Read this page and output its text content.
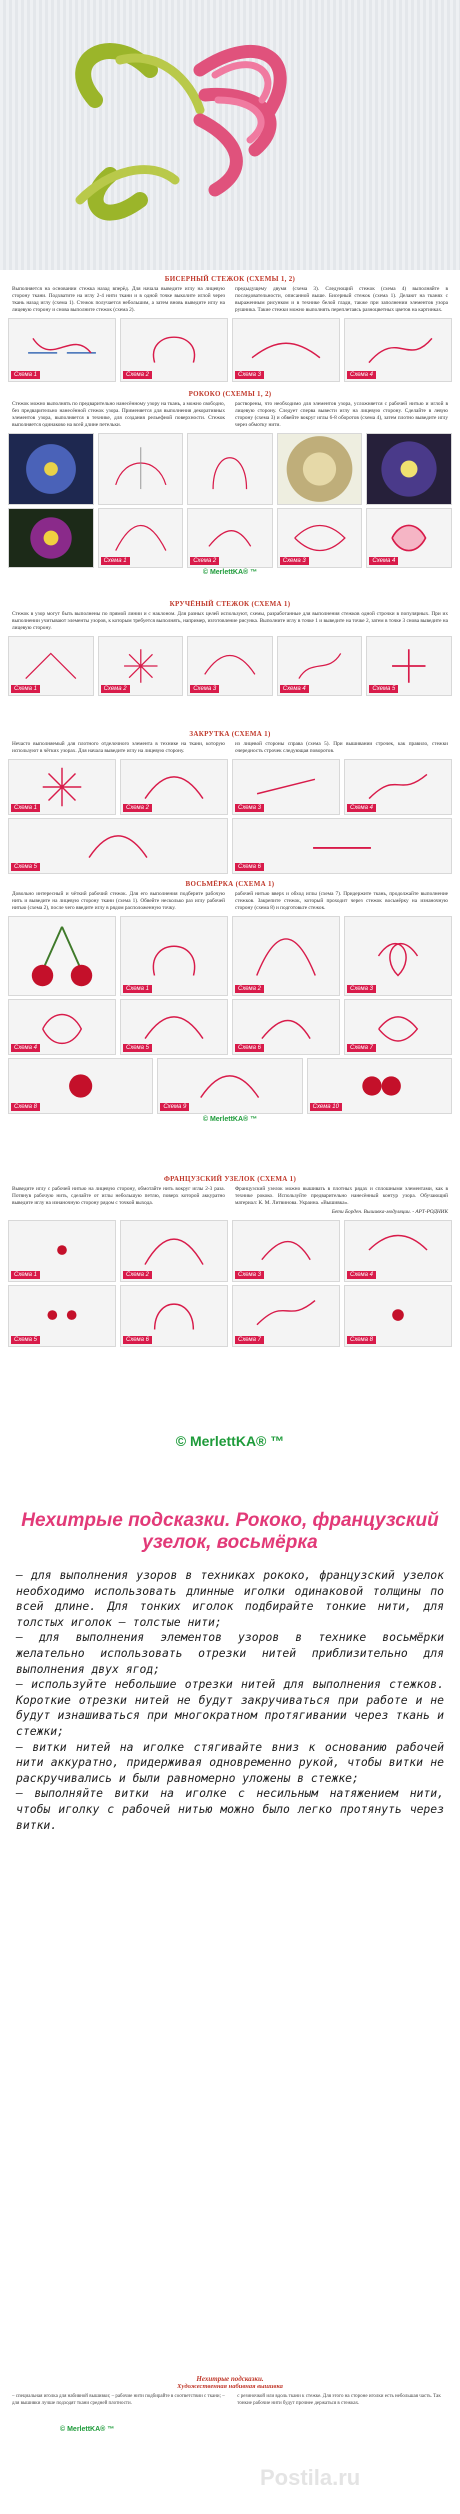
БИСЕРНЫЙ СТЕЖОК (СХЕМЫ 1, 2)
Выполняется на основании стежка назад вперёд. Для начала выведите иглу на лицевую сторону ткани. Подхватите на иглу 2-4 нити ткани и в одной точке выколите иглой через ткань назад иглу (схема 1). Стежок получается небольшим, а затем вновь выведите иглу на лицевую сторону и снова выполните стежок (схема 2).
предыдущему двумя (схема 3). Следующий стежок (схема 4) выполняйте в последовательности, описанной выше. Бисерный стежок (схема 1). Делают на тканях с выраженным рисунком и в технике белой глади, также при заполнении элементов узора рушника. Такие стежки можно выполнять переплетаясь разноцветных цветов на картинках.
Схема 1	Схема 2	Схема 3	Схема 4
РОКОКО (СХЕМЫ 1, 2)
Стежок можно выполнять по предварительно нанесённому узору на ткань, а можно свободно, без предварительно нанесённой стежок узора. Применяется для выполнения декоративных элементов узора, выполняется в технике, для создания рельефной поверхности. Стежок выполняется одинаково на всей длине петельки.
растворены, что необходимо для элементов узора, усложняется с рабочей нитью и иглой в лицевую сторону. Следует сперва вывести иглу на лицевую сторону. Сделайте в левую сторону (схема 3) и обвейте вокруг иглы 6-8 оборотов (схема 4), затем плотно выведите иглу через обмотку нити.
Схема 1	Схема 2	Схема 3	Схема 4
© MerlettKA® ™
КРУЧЁНЫЙ СТЕЖОК (СХЕМА 1)
Стежок в узор могут быть выполнены по прямой линии и с наклоном. Для разных целей используют, схемы, разработанные для выполнения стежков одной строчки в популярных. При их выполнении учитывают элементы узоров, к которым требуется выполнять, например, изготовление рисунка. Выполните иглу в точке 1 и выведите на точке 2, затем в точке 3 снова выведите на лицевую сторону.
Схема 1	Схема 2	Схема 3	Схема 4	Схема 5
ЗАКРУТКА (СХЕМА 1)
Нечасто выполняемый для плотного отделочного элемента в технике на ткани, которую используют в чётких узорах. Для начала выведите иглу на лицевую сторону.
из лицевой стороны справа (схема 5). При вышивании строчек, как правило, стежки очередность строчек следующая поворотов.
Схема 1	Схема 2	Схема 3	Схема 4
Схема 5	Схема 6
ВОСЬМЁРКА (СХЕМА 1)
Довольно интересный и чёткий рабочий стежок. Для его выполнения подберите рабочую нить и выведите на лицевую сторону ткани (схема 1). Обвейте несколько раз иглу рабочей нитью (схема 2), после чего введите иглу в рядом расположенную точку.
рабочей нитью вверх и обход иглы (схема 7). Придержите ткань, продолжайте выполнение стежков. Закрепите стежок, который проходит через стежок восьмёрку на изнаночную сторону (схема 8) и подготовьте стежок.
Схема 1	Схема 2	Схема 3
Схема 4	Схема 5	Схема 6	Схема 7
Схема 8	Схема 9	Схема 10
© MerlettKA® ™
ФРАНЦУЗСКИЙ УЗЕЛОК (СХЕМА 1)
Выведите иглу с рабочей нитью на лицевую сторону, обмотайте нить вокруг иглы 2-3 раза. Потянув рабочую нить, сделайте от иглы небольшую петлю, поверх которой аккуратно выведите иглу на изнаночную сторону рядом с точкой выхода.
Французский узелок можно вышивать в плотных рядах и сплошными элементами, как в технике рококо. Используйте предварительно нанесённый контур узора. Обучающий материал: К. М. Литвинова. Украина. «Вышивка».
Бети Борден. Вышивка-модуляции. - АРТ-РОДНИК
Схема 1	Схема 2	Схема 3	Схема 4
Схема 5	Схема 6	Схема 7	Схема 8
Нехитрые подсказки. Рококо, французский узелок, восьмёрка

– для выполнения узоров в техниках рококо, французский узелок необходимо использовать длинные иголки одинаковой толщины по всей длине. Для тонких иголок подбирайте тонкие нити, для толстых иголок – толстые нити;

– для выполнения элементов узоров в технике восьмёрки желательно использовать отрезки нитей приблизительно для выполнения двух ягод;

– используйте небольшие отрезки нитей для выполнения стежков. Короткие отрезки нитей не будут закручиваться при работе и не будут изнашиваться при многократном протягивании через ткань и стежки;

– витки нитей на иголке стягивайте вниз к основанию рабочей нити аккуратно, придерживая одновременно рукой, чтобы витки не раскручивались и были равномерно уложены в стежке;

– выполняйте витки на иголке с несильным натяжением нити, чтобы иголку с рабочей нитью можно было легко протянуть через витки.

© MerlettKA® ™
Нехитрые подсказки.
Художественная набивная вышивка
– специальная иголка для набивной вышивки; – рабочие нити подбирайте в соответствии с ткани; – для вышивки лучше подходят ткани средней плотности.
с резиночкой или вдоль ткани к стежке. Для этого на стороне иголки есть небольшая часть. Так тонкие рабочие нити будут прочнее держаться в стежках.
© MerlettKA® ™
Postila.ru
